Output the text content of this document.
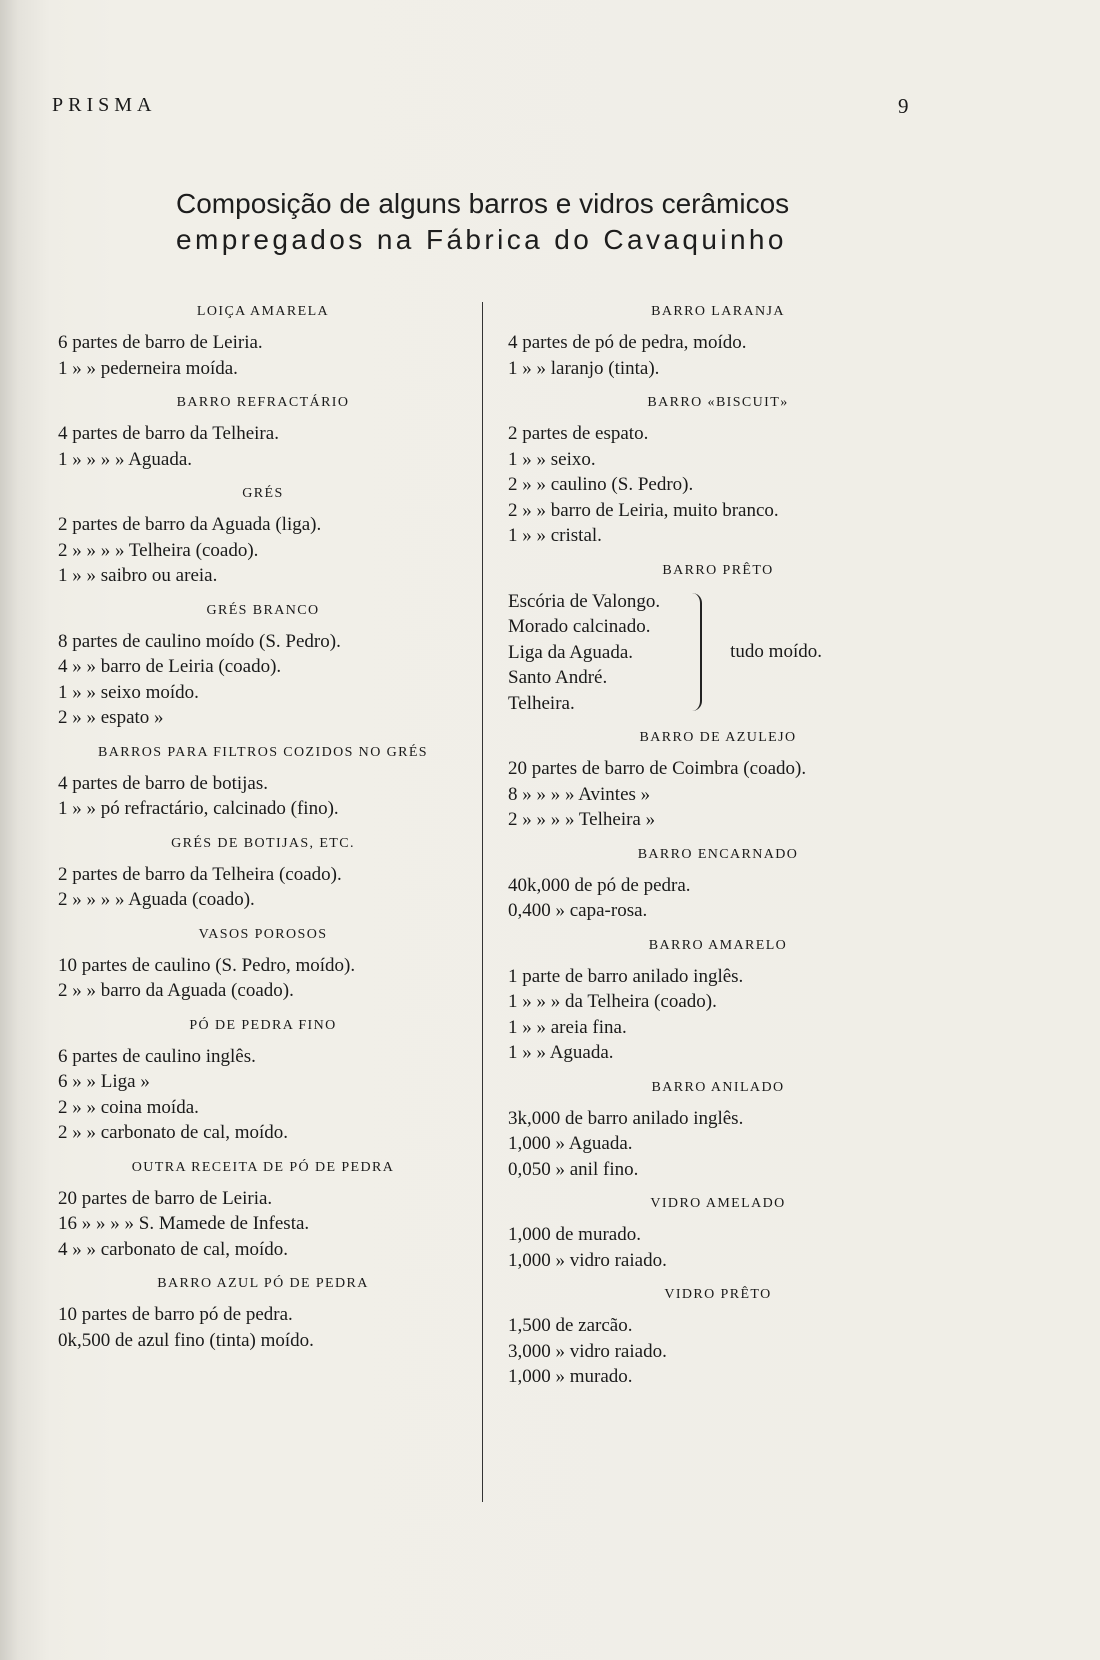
PRISMA	9
Composição de alguns barros e vidros cerâmicos

empregados na Fábrica do Cavaquinho
LOIÇA AMARELA
6 partes de barro de Leiria.
1 » » pederneira moída.
BARRO REFRACTÁRIO
4 partes de barro da Telheira.
1 » » » » Aguada.
GRÉS
2 partes de barro da Aguada (liga).
2 » » » » Telheira (coado).
1 » » saibro ou areia.
GRÉS BRANCO
8 partes de caulino moído (S. Pedro).
4 » » barro de Leiria (coado).
1 » » seixo moído.
2 » » espato »
BARROS PARA FILTROS COZIDOS NO GRÉS
4 partes de barro de botijas.
1 » » pó refractário, calcinado (fino).
GRÉS DE BOTIJAS, ETC.
2 partes de barro da Telheira (coado).
2 » » » » Aguada (coado).
VASOS POROSOS
10 partes de caulino (S. Pedro, moído).
2 » » barro da Aguada (coado).
PÓ DE PEDRA FINO
6 partes de caulino inglês.
6 » » Liga »
2 » » coina moída.
2 » » carbonato de cal, moído.
OUTRA RECEITA DE PÓ DE PEDRA
20 partes de barro de Leiria.
16 » » » » S. Mamede de Infesta.
4 » » carbonato de cal, moído.
BARRO AZUL PÓ DE PEDRA
10 partes de barro pó de pedra.
0k,500 de azul fino (tinta) moído.
BARRO LARANJA
4 partes de pó de pedra, moído.
1 » » laranjo (tinta).
BARRO «BISCUIT»
2 partes de espato.
1 » » seixo.
2 » » caulino (S. Pedro).
2 » » barro de Leiria, muito branco.
1 » » cristal.
BARRO PRÊTO
Escória de Valongo.
Morado calcinado.
Liga da Aguada.
Santo André.
Telheira.
tudo moído.
BARRO DE AZULEJO
20 partes de barro de Coimbra (coado).
8 » » » » Avintes »
2 » » » » Telheira »
BARRO ENCARNADO
40k,000 de pó de pedra.
0,400 » capa-rosa.
BARRO AMARELO
1 parte de barro anilado inglês.
1 » » » da Telheira (coado).
1 » » areia fina.
1 » » Aguada.
BARRO ANILADO
3k,000 de barro anilado inglês.
1,000 » Aguada.
0,050 » anil fino.
VIDRO AMELADO
1,000 de murado.
1,000 » vidro raiado.
VIDRO PRÊTO
1,500 de zarcão.
3,000 » vidro raiado.
1,000 » murado.
